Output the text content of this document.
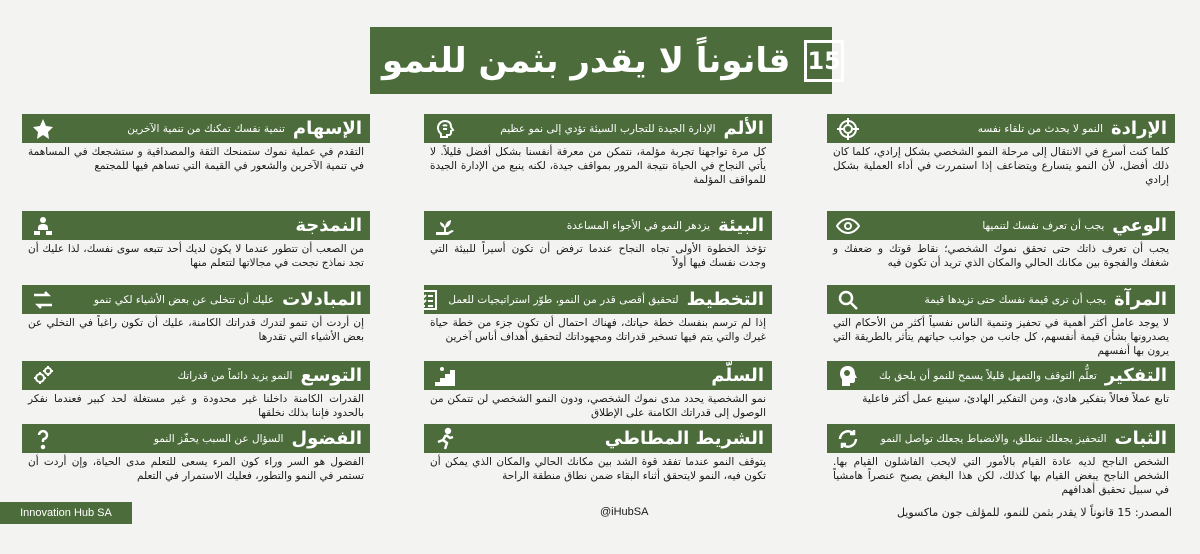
15
قانوناً لا يقدر بثمن للنمو
الإرادة
النمو لا يحدث من تلقاء نفسه
كلما كنت أسرع في الانتقال إلى مرحلة النمو الشخصي بشكل إرادي، كلما كان ذلك أفضل، لأن النمو يتسارع ويتضاعف إذا استمررت في أداء العملية بشكل إرادي
الألم
الإدارة الجيدة للتجارب السيئة تؤدي إلى نمو عظيم
كل مرة تواجهنا تجربة مؤلمة، نتمكن من معرفة أنفسنا بشكل أفضل قليلاً. لا يأتي النجاح في الحياة نتيجة المرور بمواقف جيدة، لكنه ينبع من الإدارة الجيدة للمواقف المؤلمة
الإسهام
تنمية نفسك تمكنك من تنمية الآخرين
التقدم في عملية نموك ستمنحك الثقة والمصداقية و ستشجعك في المساهمة في تنمية الآخرين والشعور في القيمة التي تساهم فيها للمجتمع
الوعي
يجب أن تعرف نفسك لتنميها
يجب أن تعرف ذاتك حتى تحقق نموك الشخصي؛ نقاط قوتك و ضعفك و شغفك والفجوة بين مكانك الحالي والمكان الذي تريد أن تكون فيه
البيئة
يزدهر النمو في الأجواء المساعدة
تؤخذ الخطوة الأولى تجاه النجاح عندما ترفض أن تكون أسيراً للبيئة التي وجدت نفسك فيها أولاً
النمذجة
من الصعب أن تتطور عندما لا يكون لديك أحد تتبعه سوى نفسك، لذا عليك أن تجد نماذج نجحت في مجالاتها لتتعلم منها
المرآة
يجب أن ترى قيمة نفسك حتى تزيدها قيمة
لا يوجد عامل أكثر أهمية في تحفيز وتنمية الناس نفسياً أكثر من الأحكام التي يصدرونها بشأن قيمة أنفسهم، كل جانب من جوانب حياتهم يتأثر بالطريقة التي يرون بها أنفسهم
التخطيط
لتحقيق أقصى قدر من النمو، طوّر استراتيجيات للعمل
إذا لم ترسم بنفسك خطة حياتك، فهناك احتمال أن تكون جزء من خطة حياة غيرك والتي يتم فيها تسخير قدراتك ومجهوداتك لتحقيق أهداف أناس آخرين
المبادلات
عليك أن تتخلى عن بعض الأشياء لكي تنمو
إن أردت أن تنمو لتدرك قدراتك الكامنة، عليك أن تكون راغباً في التخلي عن بعض الأشياء التي تقدرها
التفكير
تعلُّم التوقف والتمهل قليلاً يسمح للنمو أن يلحق بك
تابع عملاً فعالاً بتفكير هادئ، ومن التفكير الهادئ، سينبع عمل أكثر فاعلية
السلّم
نمو الشخصية يحدد مدى نموك الشخصي، ودون النمو الشخصي لن تتمكن من الوصول إلى قدراتك الكامنة على الإطلاق
التوسع
النمو يزيد دائماً من قدراتك
القدرات الكامنة داخلنا غير محدودة و غير مستغلة لحد كبير فعندما نفكر بالحدود فإننا بذلك نخلقها
الثبات
التحفيز يجعلك تنطلق، والانضباط يجعلك تواصل النمو
الشخص الناجح لديه عادة القيام بالأمور التي لايحب الفاشلون القيام بها. الشخص الناجح يبغض القيام بها كذلك، لكن هذا البغض يصبح عنصراً هامشياً في سبيل تحقيق أهدافهم
الشريط المطاطي
يتوقف النمو عندما تفقد قوة الشد بين مكانك الحالي والمكان الذي يمكن أن تكون فيه، النمو لايتحقق أثناء البقاء ضمن نطاق منطقة الراحة
الفضول
السؤال عن السبب يحفّز النمو
الفضول هو السر وراء كون المرء يسعى للتعلم مدى الحياة، وإن أردت أن تستمر في النمو والتطور، فعليك الاستمرار في التعلم
Innovation Hub SA	@iHubSA	المصدر: 15 قانوناً لا يقدر بثمن للنمو، للمؤلف جون ماكسويل
